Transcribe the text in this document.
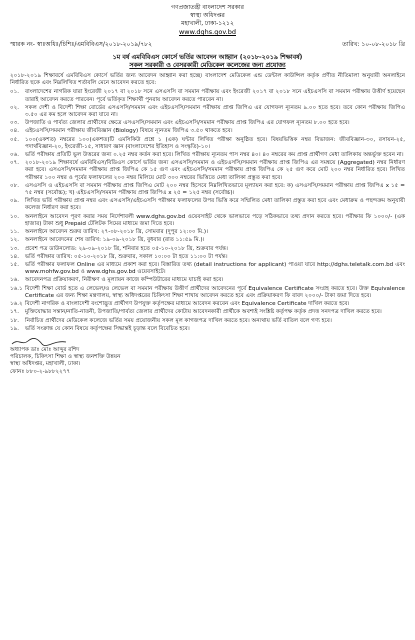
গণপ্রজাতন্ত্রী বাংলাদেশ সরকার
স্বাস্থ্য অধিদপ্তর
মহাখালী, ঢাকা-১২১২
www.dghs.gov.bd
স্মারক নং- স্বাঃঅধিঃ/চিশিঃ/এমবিবিএস/২০১৮-২০১৯/৭৮২	তারিখ: ১০-০৮-২০১৮ খ্রি
১ম বর্ষ এমবিবিএস কোর্সে ভর্তির আবেদন আহ্বান (২০১৮-২০১৯ শিক্ষাবর্ষ)
সকল সরকারী ও বেসরকারী মেডিকেল কলেজের জন্য প্রযোজ্য
২০১৮-২০১৯ শিক্ষাবর্ষে এমবিবিএস কোর্সে ভর্তির জন্য আবেদন আহ্বান করা হচ্ছে। বাংলাদেশ মেডিকেল এন্ড ডেন্টাল কাউন্সিল কর্তৃক প্রণীত নীতিমালা অনুযায়ী অনলাইনে নির্ধারিত ছকে এবং নিম্নলিখিত শর্তাবলি মেনে আবেদন করতে হবে:
০১.	বাংলাদেশের নাগরিক যারা ইংরেজী ২০১৭ বা ২০১৮ সনে এসএসসি বা সমমান পরীক্ষায় এবং ইংরেজী ২০১৭ বা ২০১৮ সনে এইচএসসি বা সমমান পরীক্ষায় উত্তীর্ণ হয়েছেন তারাই আবেদন করতে পারবেন। পূর্বে ভর্তিকৃত শিক্ষার্থী পুনরায় আবেদন করতে পারবেন না।
০২.	সকল দেশী ও বিদেশী শিক্ষা বোর্ডের এসএসসি/সমমান এবং এইচএসসি/সমমান পরীক্ষায় প্রাপ্ত জিপিএ এর যোগফল ন্যূনতম ৯.০০ হতে হবে। তবে কোন পরীক্ষায় জিপিএ ৩.৫০ এর কম হলে আবেদন করা যাবে না।
০৩.	উপজাতি ও পার্বত্য জেলার প্রার্থীদের ক্ষেত্রে এসএসসি/সমমান এবং এইচএসসি/সমমান পরীক্ষায় প্রাপ্ত জিপিএ এর যোগফল ন্যূনতম ৮.০০ হতে হবে।
০৪.	এইচএসসি/সমমান পরীক্ষায় জীববিজ্ঞান (Biology) বিষয়ে ন্যূনতম জিপিএ ৩.৫০ থাকতে হবে।
০৫.	১০০(একশত) নম্বরের ১০০(একশত)টি এমসিকিউ প্রশ্নে ১ (এক) ঘন্টার লিখিত পরীক্ষা অনুষ্ঠিত হবে। বিষয়ভিত্তিক নম্বর বিভাজন: জীববিজ্ঞান-৩০, রসায়ন-২৫, পদার্থবিজ্ঞান-২০, ইংরেজী-১৫, সাধারণ জ্ঞান (বাংলাদেশের ইতিহাস ও সংস্কৃতি)-১০।
০৬.	ভর্তি পরীক্ষায় প্রতিটি ভুল উত্তরের জন্য ০.২৫ নম্বর কর্তন করা হবে। লিখিত পরীক্ষায় ন্যূনতম পাস নম্বর ৪০। ৪০ নম্বরের কম প্রাপ্ত প্রার্থীগণ মেধা তালিকায় অন্তর্ভুক্ত হবেন না।
০৭.	২০১৮-২০১৯ শিক্ষাবর্ষে এমবিবিএস/বিডিএস কোর্সে ভর্তির জন্য এসএসসি/সমমান ও এইচএসসি/সমমান পরীক্ষায় প্রাপ্ত জিপিএ এর সমন্বয়ে (Aggregated) নম্বর নির্ধারণ করা হবে। এসএসসি/সমমান পরীক্ষায় প্রাপ্ত জিপিএ কে ১৫ গুণ এবং এইচএসসি/সমমান পরীক্ষায় প্রাপ্ত জিপিএ কে ২৫ গুণ করে মোট ২০০ নম্বর নির্ধারিত হবে। লিখিত পরীক্ষার ১০০ নম্বর ও পূর্বের ফলাফলের ২০০ নম্বর মিলিয়ে মোট ৩০০ নম্বরের ভিত্তিতে মেধা তালিকা প্রস্তুত করা হবে।
০৮.	এসএসসি ও এইচএসসি বা সমমান পরীক্ষায় প্রাপ্ত জিপিএ মোট ২০০ নম্বর হিসেবে নিম্নলিখিতভাবে মূল্যায়ন করা হবে: ক) এসএসসি/সমমান পরীক্ষায় প্রাপ্ত জিপিএ x ১৫ = ৭৫ নম্বর (সর্বোচ্চ); খ) এইচএসসি/সমমান পরীক্ষায় প্রাপ্ত জিপিএ x ২৫ = ১২৫ নম্বর (সর্বোচ্চ)।
০৯.	লিখিত ভর্তি পরীক্ষায় প্রাপ্ত নম্বর এবং এসএসসি/এইচএসসি পরীক্ষার ফলাফলের উপর ভিত্তি করে সম্মিলিত মেধা তালিকা প্রস্তুত করা হবে এবং মেধাক্রম ও পছন্দক্রম অনুযায়ী কলেজ নির্ধারণ করা হবে।
১০.	অনলাইনে আবেদন পূরণ করার সময় নির্দেশাবলী www.dghs.gov.bd ওয়েবসাইট থেকে ভালভাবে পড়ে সঠিকভাবে তথ্য প্রদান করতে হবে। পরীক্ষার ফি ১০০০/- (এক হাজার) টাকা শুধু Prepaid টেলিটক সিমের মাধ্যমে জমা দিতে হবে।
১১.	অনলাইনে আবেদন শুরুর তারিখ: ২৭-০৮-২০১৮ খ্রি, সোমবার (দুপুর ১২:০০ মি.)।
১২.	অনলাইনে আবেদনের শেষ তারিখ: ১৯-০৯-২০১৮ খ্রি, বুধবার (রাত ১১:৫৯ মি.)।
১৩.	প্রবেশ পত্র ডাউনলোড: ২৯-০৯-২০১৮ খ্রি, শনিবার হতে ০৫-১০-২০১৮ খ্রি, শুক্রবার পর্যন্ত।
১৪.	ভর্তি পরীক্ষার তারিখ: ০৫-১০-২০১৮ খ্রি, শুক্রবার, সকাল ১০:০০ টা হতে ১১:০০ টা পর্যন্ত।
১৫.	ভর্তি পরীক্ষার ফলাফল Online এর মাধ্যমে প্রকাশ করা হবে। বিস্তারিত তথ্য (detail instructions for applicant) পাওয়া যাবে http://dghs.teletalk.com.bd এবং www.mohfw.gov.bd ও www.dghs.gov.bd ওয়েবসাইটে।
১৬.	আবেদনপত্র প্রক্রিয়াকরণ, নিরীক্ষণ ও মূল্যায়ন কাজে কম্পিউটারের মাধ্যমে যাচাই করা হবে।
১৬.১ বিদেশী শিক্ষা বোর্ড হতে এ লেভেল/ও লেভেল বা সমমান পরীক্ষায় উত্তীর্ণ প্রার্থীদের আবেদনের পূর্বে Equivalence Certificate সংগ্রহ করতে হবে। উক্ত Equivalence Certificate এর জন্য শিক্ষা মন্ত্রণালয়, স্বাস্থ্য অধিদপ্তরের চিকিৎসা শিক্ষা শাখায় আবেদন করতে হবে এবং প্রক্রিয়াকরণ ফি বাবদ ২০০০/- টাকা জমা দিতে হবে।
১৬.২ বিদেশী নাগরিক ও বাংলাদেশী বংশোদ্ভূত প্রার্থীগণ উপযুক্ত কর্তৃপক্ষের মাধ্যমে আবেদন করবেন এবং Equivalence Certificate দাখিল করতে হবে।
১৭.	মুক্তিযোদ্ধার সন্তান/নাতি-নাতনী, উপজাতি/পার্বত্য জেলার প্রার্থীদের কোটায় আবেদনকারী প্রার্থীকে অবশ্যই সংশ্লিষ্ট কর্তৃপক্ষ কর্তৃক প্রদত্ত সনদপত্র দাখিল করতে হবে।
১৮.	নির্বাচিত প্রার্থীদের মেডিকেল কলেজে ভর্তির সময় প্রয়োজনীয় সকল মূল কাগজপত্র দাখিল করতে হবে। অন্যথায় ভর্তি বাতিল বলে গণ্য হবে।
১৯.	ভর্তি সংক্রান্ত যে কোন বিষয়ে কর্তৃপক্ষের সিদ্ধান্তই চূড়ান্ত বলে বিবেচিত হবে।
অধ্যাপক ডাঃ মোঃ আব্দুর রশিদ
পরিচালক, চিকিৎসা শিক্ষা ও স্বাস্থ্য জনশক্তি উন্নয়ন
স্বাস্থ্য অধিদপ্তর, মহাখালী, ঢাকা।
ফোনঃ ৮৮০-২-৯৮৮২২৭৭
